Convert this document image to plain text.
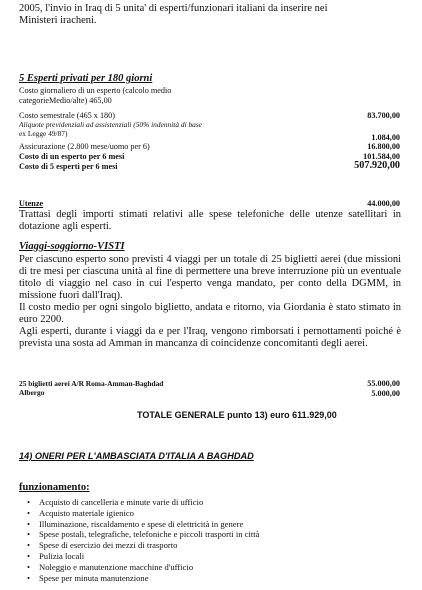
2005, l'invio in Iraq di 5 unita' di esperti/funzionari italiani da inserire nei
Ministeri iracheni.
5 Esperti privati per 180 giorni
Costo giornaliero di un esperto (calcolo medio
categorieMedio/alte) 465,00
Costo semestrale (465 x 180)	83.700,00
Aliquote previdenziali ad assistenziali (50% indennità di base
ex Legge 49/87)	1.084,00
Assicurazione (2.800 mese/uomo per 6)	16.800,00
Costo di un esperto per 6 mesi	101.584,00
Costo di 5 esperti per 6 mesi	507.920,00
Utenze	44.000,00
Trattasi degli importi stimati relativi alle spese telefoniche delle utenze satellitari in dotazione agli esperti.
Viaggi-soggiorno-VISTI
Per ciascuno esperto sono previsti 4 viaggi per un totale di 25 biglietti aerei (due missioni di tre mesi per ciascuna unità al fine di permettere una breve interruzione più un eventuale titolo di viaggio nel caso in cui l'esperto venga mandato, per conto della DGMM, in missione fuori dall'Iraq).
Il costo medio per ogni singolo biglietto, andata e ritorno, via Giordania è stato stimato in euro 2200.
Agli esperti, durante i viaggi da e per l'Iraq, vengono rimborsati i pernottamenti poiché è prevista una sosta ad Amman in mancanza di coincidenze concomitanti degli aerei.
25 biglietti aerei A/R Roma-Amman-Baghdad	55.000,00
Albergo	5.000,00
TOTALE GENERALE punto 13) euro 611.929,00
14) ONERI PER L'AMBASCIATA D'ITALIA A BAGHDAD
funzionamento:
• Acquisto di cancelleria e minute varie di ufficio
• Acquisto materiale igienico
• Illuminazione, riscaldamento e spese di elettricità in genere
• Spese postali, telegrafiche, telefoniche e piccoli trasporti in città
• Spese di esercizio dei mezzi di trasporto
• Pulizia locali
• Noleggio e manutenzione macchine d'ufficio
• Spese per minuta manutenzione
